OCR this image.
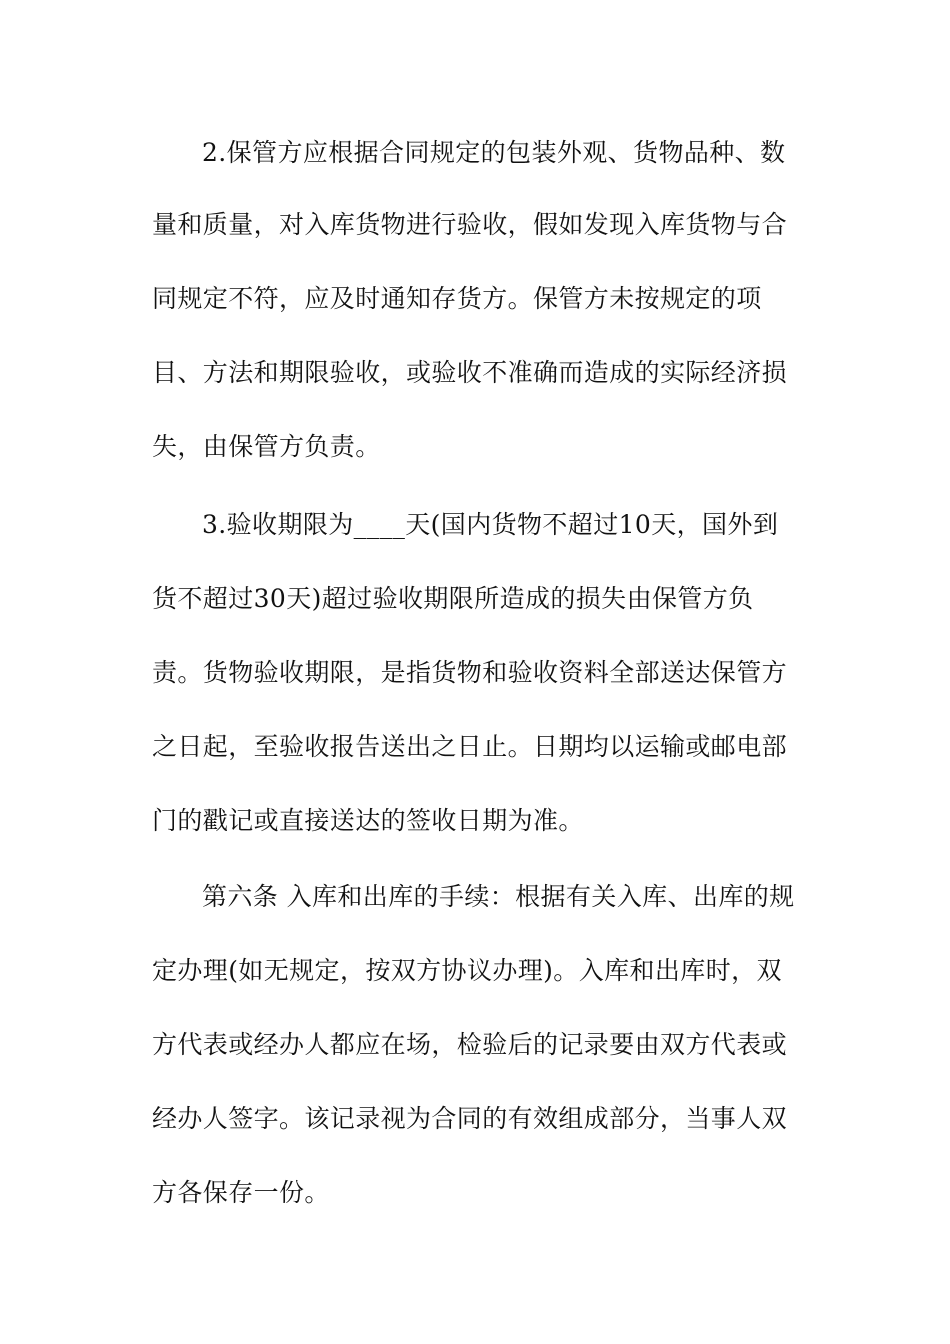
2.保管方应根据合同规定的包装外观、货物品种、数
量和质量，对入库货物进行验收，假如发现入库货物与合
同规定不符，应及时通知存货方。保管方未按规定的项
目、方法和期限验收，或验收不准确而造成的实际经济损
失，由保管方负责。
3.验收期限为____天(国内货物不超过10天，国外到
货不超过30天)超过验收期限所造成的损失由保管方负
责。货物验收期限，是指货物和验收资料全部送达保管方
之日起，至验收报告送出之日止。日期均以运输或邮电部
门的戳记或直接送达的签收日期为准。
第六条 入库和出库的手续：根据有关入库、出库的规
定办理(如无规定，按双方协议办理)。入库和出库时，双
方代表或经办人都应在场，检验后的记录要由双方代表或
经办人签字。该记录视为合同的有效组成部分，当事人双
方各保存一份。
